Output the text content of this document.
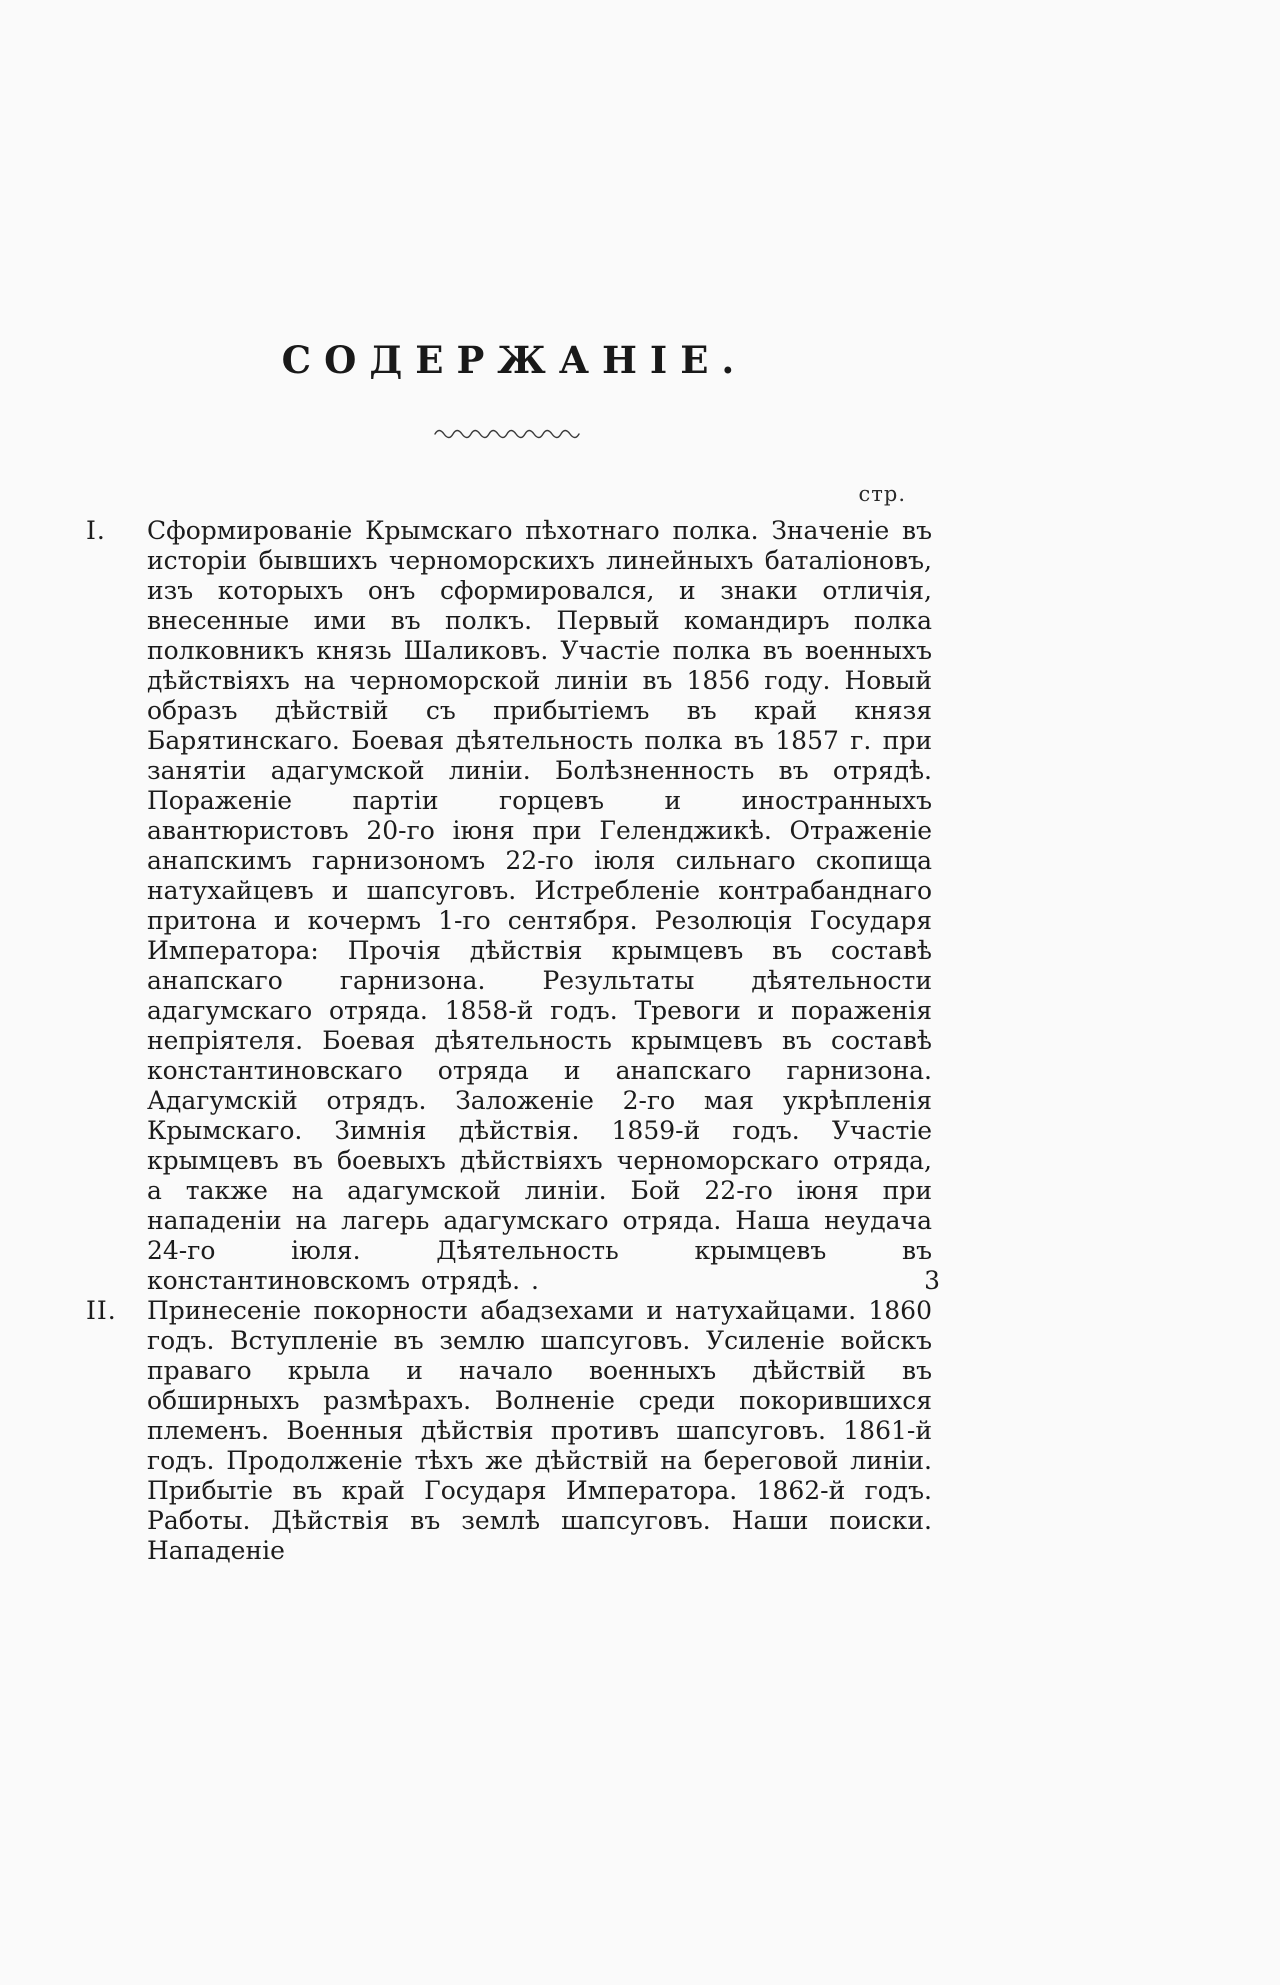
СОДЕРЖАНІЕ.
стр.
I.	Сформированіе Крымскаго пѣхотнаго полка. Значеніе въ исторіи бывшихъ черноморскихъ линейныхъ баталіоновъ, изъ которыхъ онъ сформировался, и знаки отличія, внесенные ими въ полкъ. Первый командиръ полка полковникъ князь Шаликовъ. Участіе полка въ военныхъ дѣйствіяхъ на черноморской линіи въ 1856 году. Новый образъ дѣйствій съ прибытіемъ въ край князя Барятинскаго. Боевая дѣятельность полка въ 1857 г. при занятіи адагумской линіи. Болѣзненность въ отрядѣ. Пораженіе партіи горцевъ и иностранныхъ авантюристовъ 20-го іюня при Геленджикѣ. Отраженіе анапскимъ гарнизономъ 22-го іюля сильнаго скопища натухайцевъ и шапсуговъ. Истребленіе контрабанднаго притона и кочермъ 1-го сентября. Резолюція Государя Императора: Прочія дѣйствія крымцевъ въ составѣ анапскаго гарнизона. Результаты дѣятельности адагумскаго отряда. 1858-й годъ. Тревоги и пораженія непріятеля. Боевая дѣятельность крымцевъ въ составѣ константиновскаго отряда и анапскаго гарнизона. Адагумскій отрядъ. Заложеніе 2-го мая укрѣпленія Крымскаго. Зимнія дѣйствія. 1859-й годъ. Участіе крымцевъ въ боевыхъ дѣйствіяхъ черноморскаго отряда, а также на адагумской линіи. Бой 22-го іюня при нападеніи на лагерь адагумскаго отряда. Наша неудача 24-го іюля. Дѣятельность крымцевъ въ константиновскомъ отрядѣ. .	3
II.	Принесеніе покорности абадзехами и натухайцами. 1860 годъ. Вступленіе въ землю шапсуговъ. Усиленіе войскъ праваго крыла и начало военныхъ дѣйствій въ обширныхъ размѣрахъ. Волненіе среди покорившихся племенъ. Военныя дѣйствія противъ шапсуговъ. 1861-й годъ. Продолженіе тѣхъ же дѣйствій на береговой линіи. Прибытіе въ край Государя Императора. 1862-й годъ. Работы. Дѣйствія въ землѣ шапсуговъ. Наши поиски. Нападеніе
